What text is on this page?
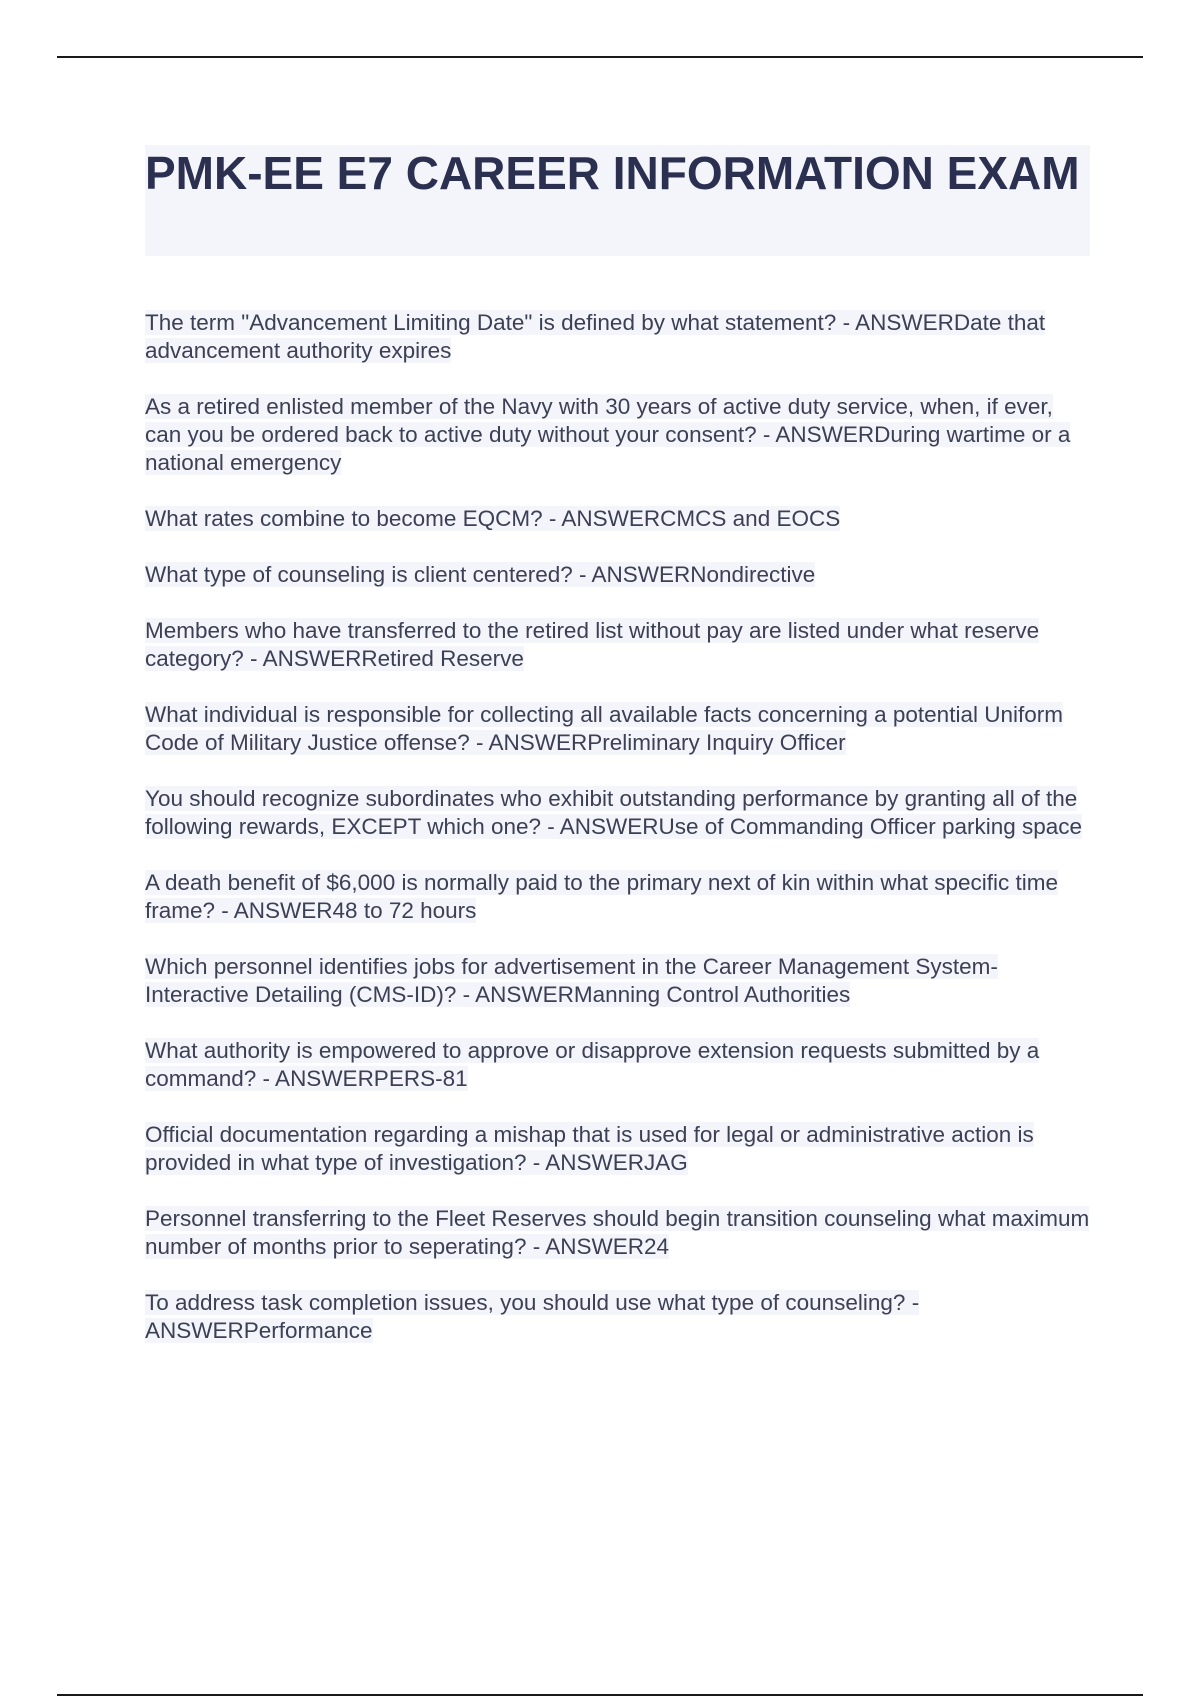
PMK-EE E7 CAREER INFORMATION EXAM
The term "Advancement Limiting Date" is defined by what statement? - ANSWERDate that advancement authority expires
As a retired enlisted member of the Navy with 30 years of active duty service, when, if ever, can you be ordered back to active duty without your consent? - ANSWERDuring wartime or a national emergency
What rates combine to become EQCM? - ANSWERCMCS and EOCS
What type of counseling is client centered? - ANSWERNondirective
Members who have transferred to the retired list without pay are listed under what reserve category? - ANSWERRetired Reserve
What individual is responsible for collecting all available facts concerning a potential Uniform Code of Military Justice offense? - ANSWERPreliminary Inquiry Officer
You should recognize subordinates who exhibit outstanding performance by granting all of the following rewards, EXCEPT which one? - ANSWERUse of Commanding Officer parking space
A death benefit of $6,000 is normally paid to the primary next of kin within what specific time frame? - ANSWER48 to 72 hours
Which personnel identifies jobs for advertisement in the Career Management System-Interactive Detailing (CMS-ID)? - ANSWERManning Control Authorities
What authority is empowered to approve or disapprove extension requests submitted by a command? - ANSWERPERS-81
Official documentation regarding a mishap that is used for legal or administrative action is provided in what type of investigation? - ANSWERJAG
Personnel transferring to the Fleet Reserves should begin transition counseling what maximum number of months prior to seperating? - ANSWER24
To address task completion issues, you should use what type of counseling? - ANSWERPerformance
